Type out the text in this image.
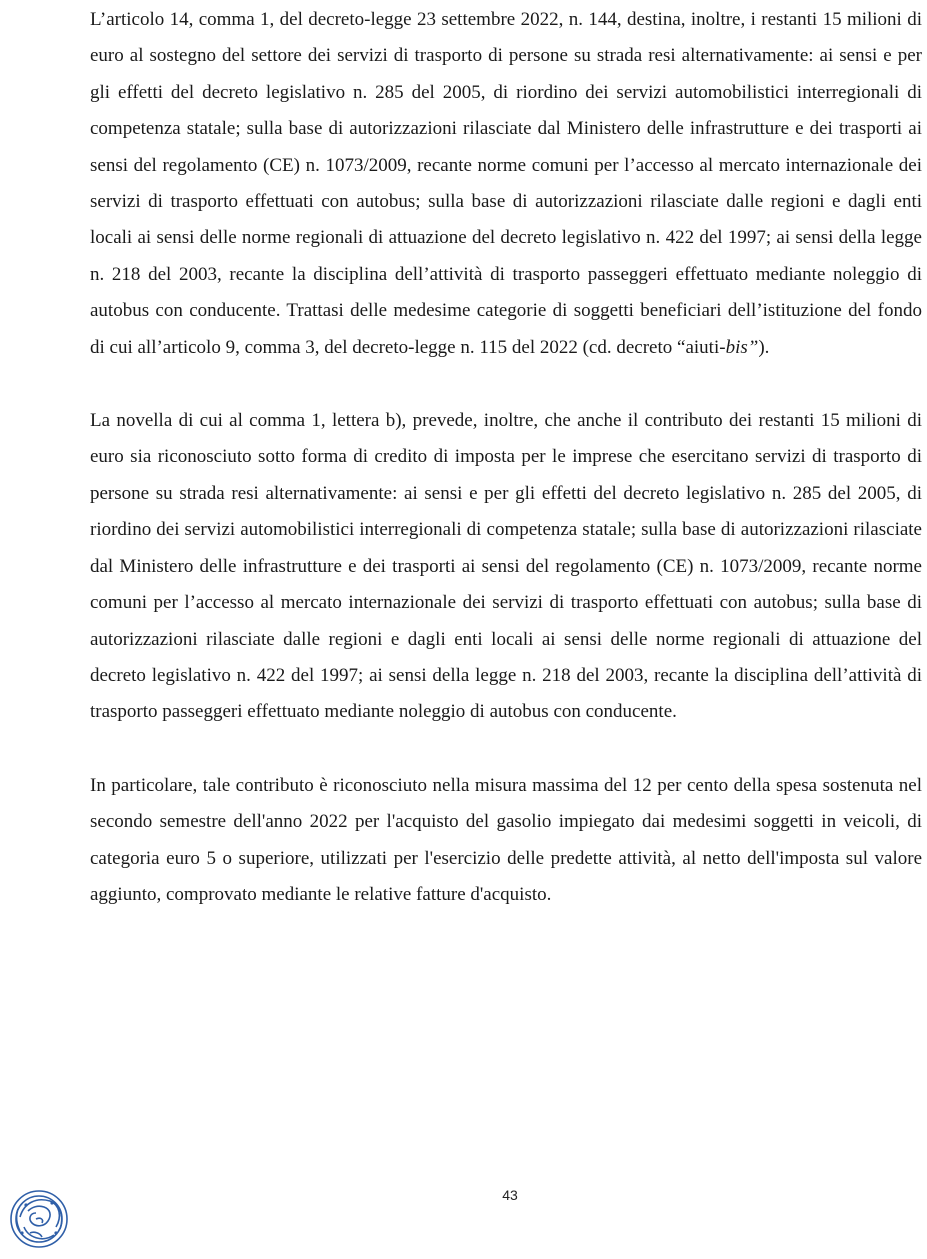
L’articolo 14, comma 1, del decreto-legge 23 settembre 2022, n. 144, destina, inoltre, i restanti 15 milioni di euro al sostegno del settore dei servizi di trasporto di persone su strada resi alternativamente: ai sensi e per gli effetti del decreto legislativo n. 285 del 2005, di riordino dei servizi automobilistici interregionali di competenza statale; sulla base di autorizzazioni rilasciate dal Ministero delle infrastrutture e dei trasporti ai sensi del regolamento (CE) n. 1073/2009, recante norme comuni per l’accesso al mercato internazionale dei servizi di trasporto effettuati con autobus; sulla base di autorizzazioni rilasciate dalle regioni e dagli enti locali ai sensi delle norme regionali di attuazione del decreto legislativo n. 422 del 1997; ai sensi della legge n. 218 del 2003, recante la disciplina dell’attività di trasporto passeggeri effettuato mediante noleggio di autobus con conducente. Trattasi delle medesime categorie di soggetti beneficiari dell’istituzione del fondo di cui all’articolo 9, comma 3, del decreto-legge n. 115 del 2022 (cd. decreto “aiuti-bis”).

La novella di cui al comma 1, lettera b), prevede, inoltre, che anche il contributo dei restanti 15 milioni di euro sia riconosciuto sotto forma di credito di imposta per le imprese che esercitano servizi di trasporto di persone su strada resi alternativamente: ai sensi e per gli effetti del decreto legislativo n. 285 del 2005, di riordino dei servizi automobilistici interregionali di competenza statale; sulla base di autorizzazioni rilasciate dal Ministero delle infrastrutture e dei trasporti ai sensi del regolamento (CE) n. 1073/2009, recante norme comuni per l’accesso al mercato internazionale dei servizi di trasporto effettuati con autobus; sulla base di autorizzazioni rilasciate dalle regioni e dagli enti locali ai sensi delle norme regionali di attuazione del decreto legislativo n. 422 del 1997; ai sensi della legge n. 218 del 2003, recante la disciplina dell’attività di trasporto passeggeri effettuato mediante noleggio di autobus con conducente.

In particolare, tale contributo è riconosciuto nella misura massima del 12 per cento della spesa sostenuta nel secondo semestre dell'anno 2022 per l'acquisto del gasolio impiegato dai medesimi soggetti in veicoli, di categoria euro 5 o superiore, utilizzati per l'esercizio delle predette attività, al netto dell'imposta sul valore aggiunto, comprovato mediante le relative fatture d'acquisto.

43
